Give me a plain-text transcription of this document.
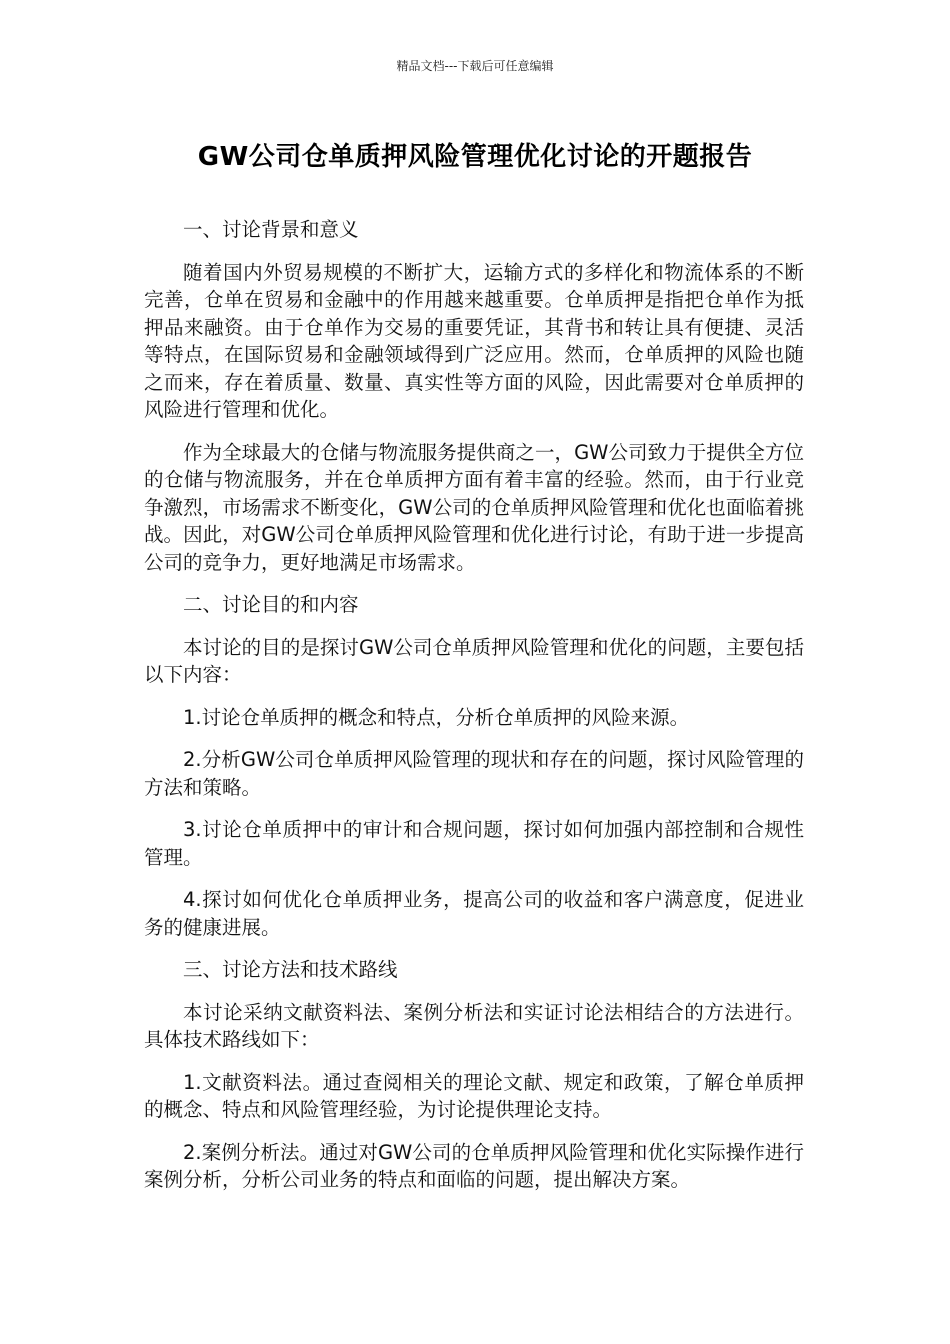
精品文档---下载后可任意编辑
GW公司仓单质押风险管理优化讨论的开题报告

一、讨论背景和意义

随着国内外贸易规模的不断扩大，运输方式的多样化和物流体系的不断完善，仓单在贸易和金融中的作用越来越重要。仓单质押是指把仓单作为抵押品来融资。由于仓单作为交易的重要凭证，其背书和转让具有便捷、灵活等特点，在国际贸易和金融领域得到广泛应用。然而，仓单质押的风险也随之而来，存在着质量、数量、真实性等方面的风险，因此需要对仓单质押的风险进行管理和优化。

作为全球最大的仓储与物流服务提供商之一，GW公司致力于提供全方位的仓储与物流服务，并在仓单质押方面有着丰富的经验。然而，由于行业竞争激烈，市场需求不断变化，GW公司的仓单质押风险管理和优化也面临着挑战。因此，对GW公司仓单质押风险管理和优化进行讨论，有助于进一步提高公司的竞争力，更好地满足市场需求。

二、讨论目的和内容

本讨论的目的是探讨GW公司仓单质押风险管理和优化的问题，主要包括以下内容：

1.讨论仓单质押的概念和特点，分析仓单质押的风险来源。

2.分析GW公司仓单质押风险管理的现状和存在的问题，探讨风险管理的方法和策略。

3.讨论仓单质押中的审计和合规问题，探讨如何加强内部控制和合规性管理。

4.探讨如何优化仓单质押业务，提高公司的收益和客户满意度，促进业务的健康进展。

三、讨论方法和技术路线

本讨论采纳文献资料法、案例分析法和实证讨论法相结合的方法进行。具体技术路线如下：

1.文献资料法。通过查阅相关的理论文献、规定和政策，了解仓单质押的概念、特点和风险管理经验，为讨论提供理论支持。

2.案例分析法。通过对GW公司的仓单质押风险管理和优化实际操作进行案例分析，分析公司业务的特点和面临的问题，提出解决方案。
